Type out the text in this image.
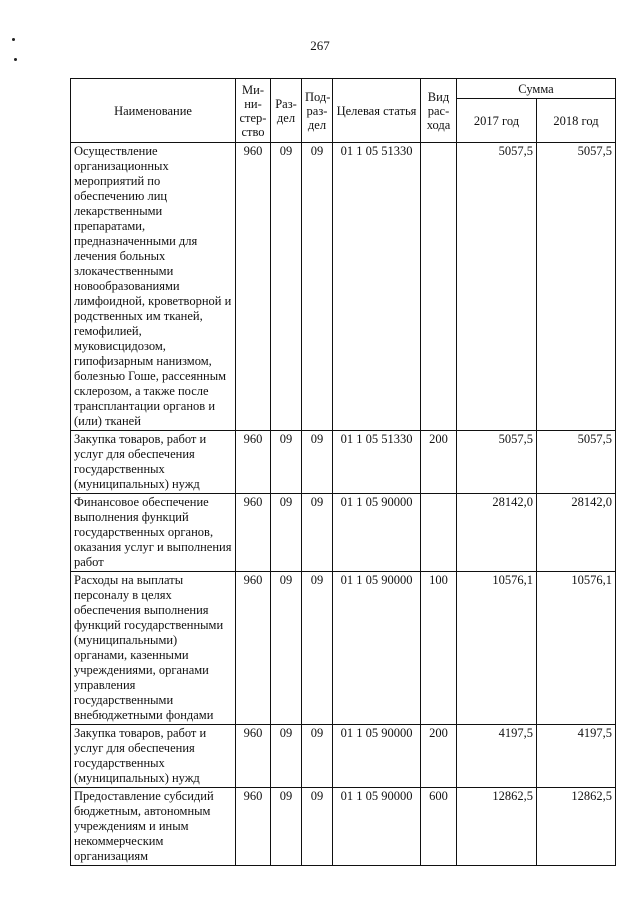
267
Наименование	Ми-ни-стер-ство	Раз-дел	Под-раз-дел	Целевая статья	Вид рас-хода	Сумма	
						2017 год	2018 год
Осуществление организационных мероприятий по обеспечению лиц лекарственными препаратами, предназначенными для лечения больных злокачественными новообразованиями лимфоидной, кроветворной и родственных им тканей, гемофилией, муковисцидозом, гипофизарным нанизмом, болезнью Гоше, рассеянным склерозом, а также после трансплантации органов и (или) тканей	960	09	09	01 1 05 51330		5057,5	5057,5
Закупка товаров, работ и услуг для обеспечения государственных (муниципальных) нужд	960	09	09	01 1 05 51330	200	5057,5	5057,5
Финансовое обеспечение выполнения функций государственных органов, оказания услуг и выполнения работ	960	09	09	01 1 05 90000		28142,0	28142,0
Расходы на выплаты персоналу в целях обеспечения выполнения функций государственными (муниципальными) органами, казенными учреждениями, органами управления государственными внебюджетными фондами	960	09	09	01 1 05 90000	100	10576,1	10576,1
Закупка товаров, работ и услуг для обеспечения государственных (муниципальных) нужд	960	09	09	01 1 05 90000	200	4197,5	4197,5
Предоставление субсидий бюджетным, автономным учреждениям и иным некоммерческим организациям	960	09	09	01 1 05 90000	600	12862,5	12862,5
